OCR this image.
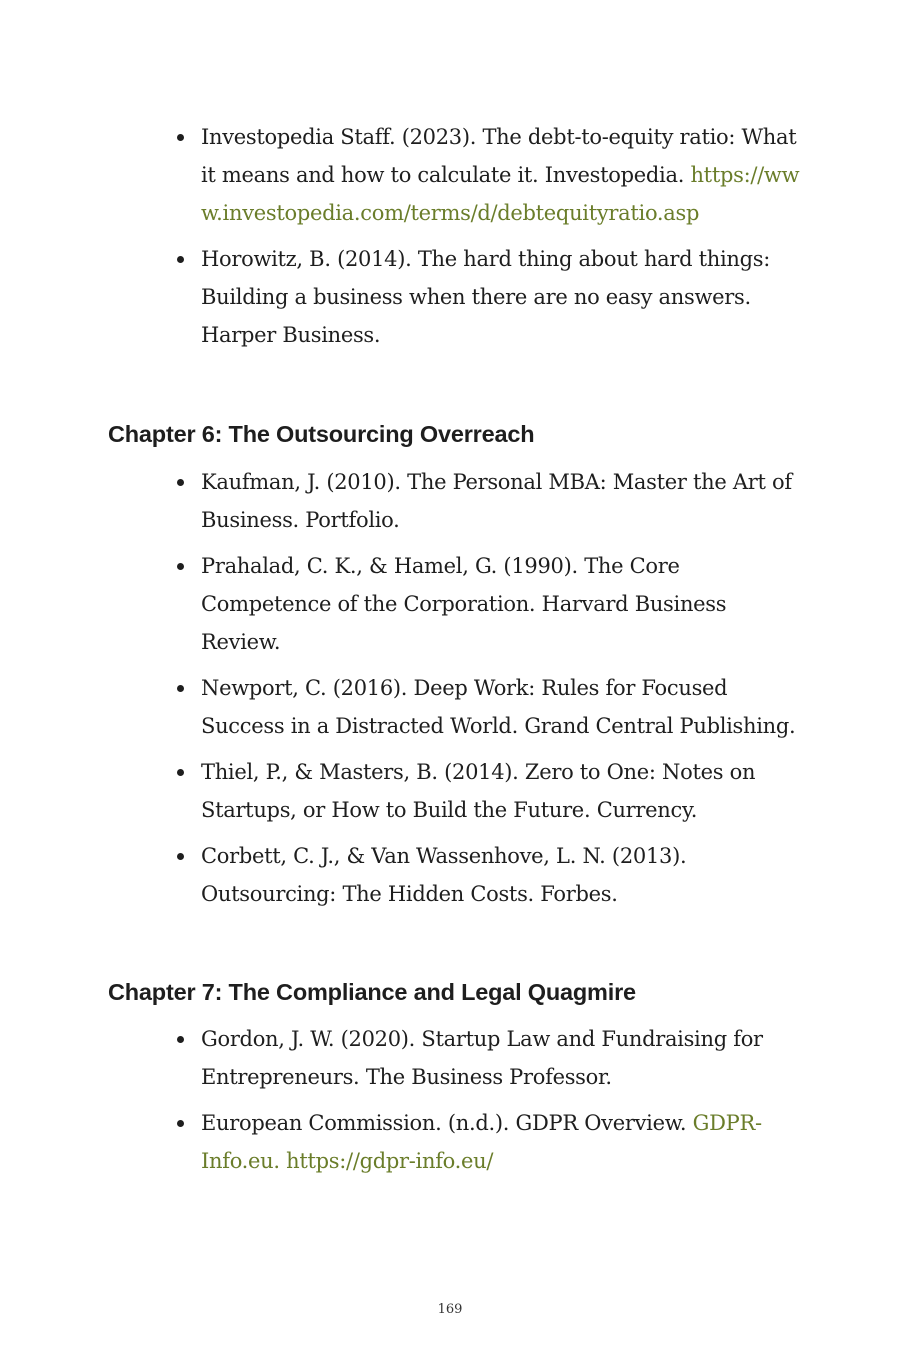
Investopedia Staff. (2023). The debt-to-equity ratio: What it means and how to calculate it. Investopedia. https://www.investopedia.com/terms/d/debtequityratio.asp
Horowitz, B. (2014). The hard thing about hard things: Building a business when there are no easy answers. Harper Business.
Chapter 6: The Outsourcing Overreach
Kaufman, J. (2010). The Personal MBA: Master the Art of Business. Portfolio.
Prahalad, C. K., & Hamel, G. (1990). The Core Competence of the Corporation. Harvard Business Review.
Newport, C. (2016). Deep Work: Rules for Focused Success in a Distracted World. Grand Central Publishing.
Thiel, P., & Masters, B. (2014). Zero to One: Notes on Startups, or How to Build the Future. Currency.
Corbett, C. J., & Van Wassenhove, L. N. (2013). Outsourcing: The Hidden Costs. Forbes.
Chapter 7: The Compliance and Legal Quagmire
Gordon, J. W. (2020). Startup Law and Fundraising for Entrepreneurs. The Business Professor.
European Commission. (n.d.). GDPR Overview. GDPR-Info.eu. https://gdpr-info.eu/
169
